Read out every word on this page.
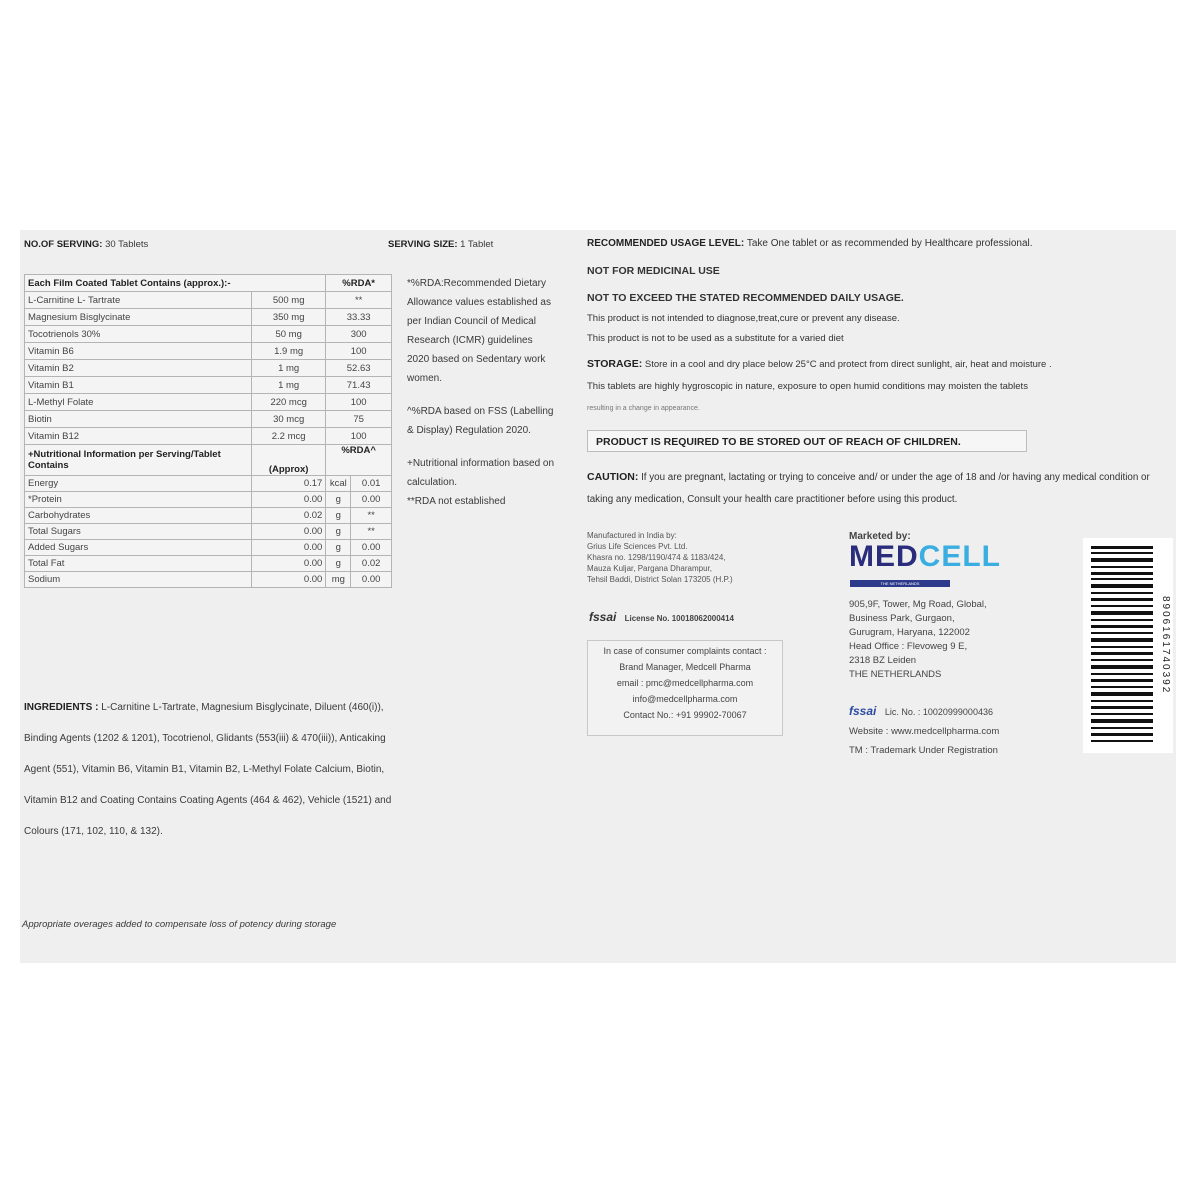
NO.OF SERVING: 30 Tablets	SERVING SIZE: 1 Tablet
Each Film Coated Tablet Contains (approx.):-		%RDA*	
L-Carnitine L- Tartrate	500 mg	**	
Magnesium Bisglycinate	350 mg	33.33	
Tocotrienols 30%	50 mg	300	
Vitamin B6	1.9 mg	100	
Vitamin B2	1 mg	52.63	
Vitamin B1	1 mg	71.43	
L-Methyl Folate	220 mcg	100	
Biotin	30 mcg	75	
Vitamin B12	2.2 mcg	100	
+Nutritional Information per Serving/Tablet Contains	(Approx)	%RDA^	
Energy	0.17	kcal	0.01
*Protein	0.00	g	0.00
Carbohydrates	0.02	g	**
Total Sugars	0.00	g	**
Added Sugars	0.00	g	0.00
Total Fat	0.00	g	0.02
Sodium	0.00	mg	0.00

*%RDA:Recommended Dietary Allowance values established as per Indian Council of Medical Research (ICMR) guidelines 2020 based on Sedentary work women.

^%RDA based on FSS (Labelling & Display) Regulation 2020.

+Nutritional information based on calculation.

**RDA not established

INGREDIENTS : L-Carnitine L-Tartrate, Magnesium Bisglycinate, Diluent (460(i)), Binding Agents (1202 & 1201), Tocotrienol, Glidants (553(iii) & 470(iii)), Anticaking Agent (551), Vitamin B6, Vitamin B1, Vitamin B2, L-Methyl Folate Calcium, Biotin, Vitamin B12 and Coating Contains Coating Agents (464 & 462), Vehicle (1521) and Colours (171, 102, 110, & 132).
Appropriate overages added to compensate loss of potency during storage
RECOMMENDED USAGE LEVEL: Take One tablet or as recommended by Healthcare professional.
NOT FOR MEDICINAL USE
NOT TO EXCEED THE STATED RECOMMENDED DAILY USAGE.
This product is not intended to diagnose,treat,cure or prevent any disease.
This product is not to be used as a substitute for a varied diet
STORAGE: Store in a cool and dry place below 25°C and protect from direct sunlight, air, heat and moisture .
This tablets are highly hygroscopic in nature, exposure to open humid conditions may moisten the tablets
resulting in a change in appearance.
PRODUCT IS REQUIRED TO BE STORED OUT OF REACH OF CHILDREN.
CAUTION: If you are pregnant, lactating or trying to conceive and/ or under the age of 18 and /or having any medical condition or taking any medication, Consult your health care practitioner before using this product.
Manufactured in India by:
Grius Life Sciences Pvt. Ltd.
Khasra no. 1298/1190/474 & 1183/424,
Mauza Kuljar, Pargana Dharampur,
Tehsil Baddi, District Solan 173205 (H.P.)
fssai License No. 10018062000414
In case of consumer complaints contact :
Brand Manager, Medcell Pharma
email : pmc@medcellpharma.com
info@medcellpharma.com
Contact No.: +91 99902-70067
Marketed by:
MEDCELL
THE NETHERLANDS
905,9F, Tower, Mg Road, Global,
Business Park, Gurgaon,
Gurugram, Haryana, 122002
Head Office : Flevoweg 9 E,
2318 BZ Leiden
THE NETHERLANDS
fssai Lic. No. : 10020999000436
Website : www.medcellpharma.com
TM : Trademark Under Registration
8906161740392
